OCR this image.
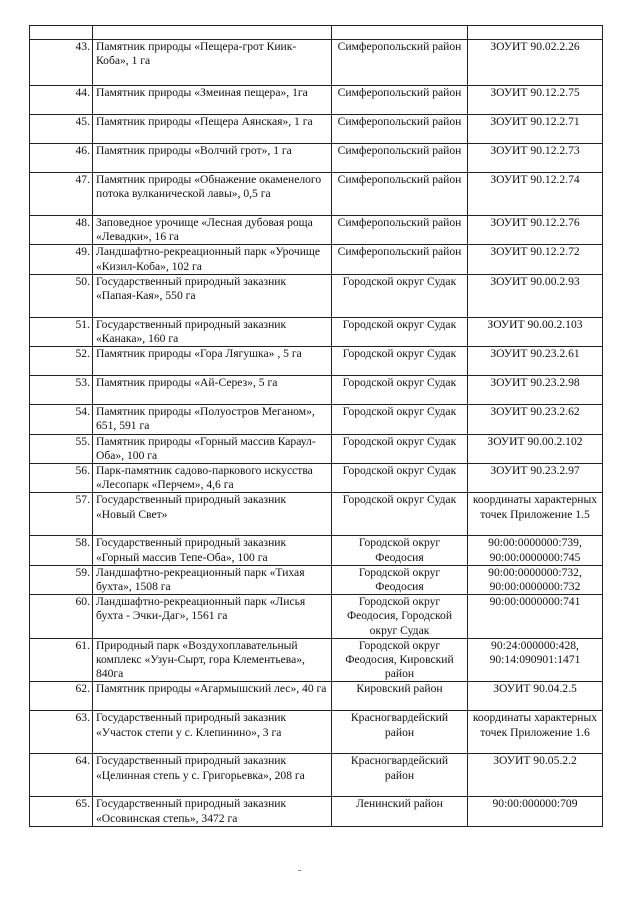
43.	Памятник природы «Пещера-грот Киик-Коба», 1 га	Симферопольский район	ЗОУИТ 90.02.2.26
44.	Памятник природы «Змеиная пещера», 1га	Симферопольский район	ЗОУИТ 90.12.2.75
45.	Памятник природы «Пещера Аянская», 1 га	Симферопольский район	ЗОУИТ 90.12.2.71
46.	Памятник природы «Волчий грот», 1 га	Симферопольский район	ЗОУИТ 90.12.2.73
47.	Памятник природы «Обнажение окаменелого потока вулканической лавы», 0,5 га	Симферопольский район	ЗОУИТ 90.12.2.74
48.	Заповедное урочище «Лесная дубовая роща «Левадки», 16 га	Симферопольский район	ЗОУИТ 90.12.2.76
49.	Ландшафтно-рекреационный парк «Урочище «Кизил-Коба», 102 га	Симферопольский район	ЗОУИТ 90.12.2.72
50.	Государственный природный заказник «Папая-Кая», 550 га	Городской округ Судак	ЗОУИТ 90.00.2.93
51.	Государственный природный заказник «Канака», 160 га	Городской округ Судак	ЗОУИТ 90.00.2.103
52.	Памятник природы «Гора Лягушка» , 5 га	Городской округ Судак	ЗОУИТ 90.23.2.61
53.	Памятник природы «Ай-Серез», 5 га	Городской округ Судак	ЗОУИТ 90.23.2.98
54.	Памятник природы «Полуостров Меганом», 651, 591 га	Городской округ Судак	ЗОУИТ 90.23.2.62
55.	Памятник природы «Горный массив Караул-Оба», 100 га	Городской округ Судак	ЗОУИТ 90.00.2.102
56.	Парк-памятник садово-паркового искусства «Лесопарк «Перчем», 4,6 га	Городской округ Судак	ЗОУИТ 90.23.2.97
57.	Государственный природный заказник «Новый Свет»	Городской округ Судак	координаты характерных точек Приложение 1.5
58.	Государственный природный заказник «Горный массив Тепе-Оба», 100 га	Городской округ Феодосия	90:00:0000000:739, 90:00:0000000:745
59.	Ландшафтно-рекреационный парк «Тихая бухта», 1508 га	Городской округ Феодосия	90:00:0000000:732, 90:00:0000000:732
60.	Ландшафтно-рекреационный парк «Лисья бухта - Эчки-Даг», 1561 га	Городской округ Феодосия, Городской округ Судак	90:00:0000000:741
61.	Природный парк «Воздухоплавательный комплекс «Узун-Сырт, гора Клементьева», 840га	Городской округ Феодосия, Кировский район	90:24:000000:428, 90:14:090901:1471
62.	Памятник природы «Агармышский лес», 40 га	Кировский район	ЗОУИТ 90.04.2.5
63.	Государственный природный заказник «Участок степи у с. Клепинино», 3 га	Красногвардейский район	координаты характерных точек Приложение 1.6
64.	Государственный природный заказник «Целинная степь у с. Григорьевка», 208 га	Красногвардейский район	ЗОУИТ 90.05.2.2
65.	Государственный природный заказник «Осовинская степь», 3472 га	Ленинский район	90:00:000000:709
